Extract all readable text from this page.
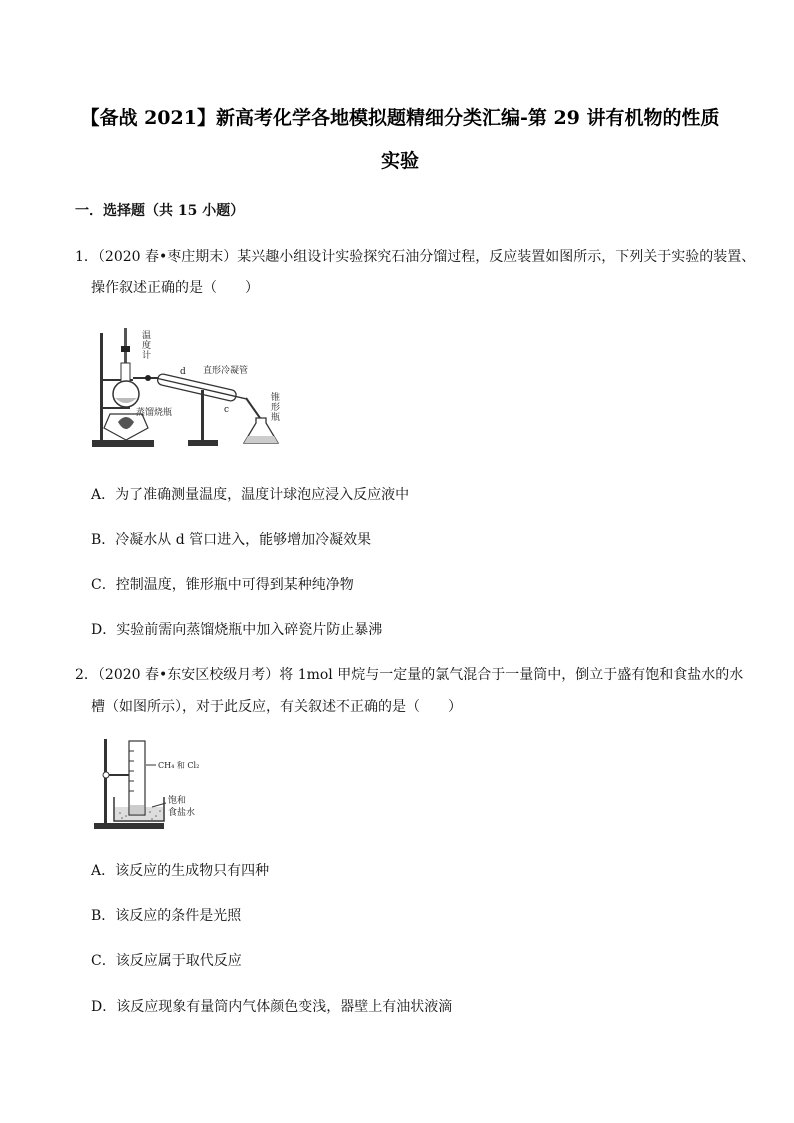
【备战 2021】新高考化学各地模拟题精细分类汇编-第 29 讲有机物的性质
实验
一．选择题（共 15 小题）
1．（2020 春•枣庄期末）某兴趣小组设计实验探究石油分馏过程，反应装置如图所示，下列关于实验的装置、
操作叙述正确的是（　　）
温
度
计
蒸馏烧瓶
d 直形冷凝管
c
锥
形
瓶
A．为了准确测量温度，温度计球泡应浸入反应液中
B．冷凝水从 d 管口进入，能够增加冷凝效果
C．控制温度，锥形瓶中可得到某种纯净物
D．实验前需向蒸馏烧瓶中加入碎瓷片防止暴沸
2．（2020 春•东安区校级月考）将 1mol 甲烷与一定量的氯气混合于一量筒中，倒立于盛有饱和食盐水的水
槽（如图所示），对于此反应，有关叙述不正确的是（　　）
CH₄ 和 Cl₂
饱和
食盐水
A．该反应的生成物只有四种
B．该反应的条件是光照
C．该反应属于取代反应
D．该反应现象有量筒内气体颜色变浅，器壁上有油状液滴
